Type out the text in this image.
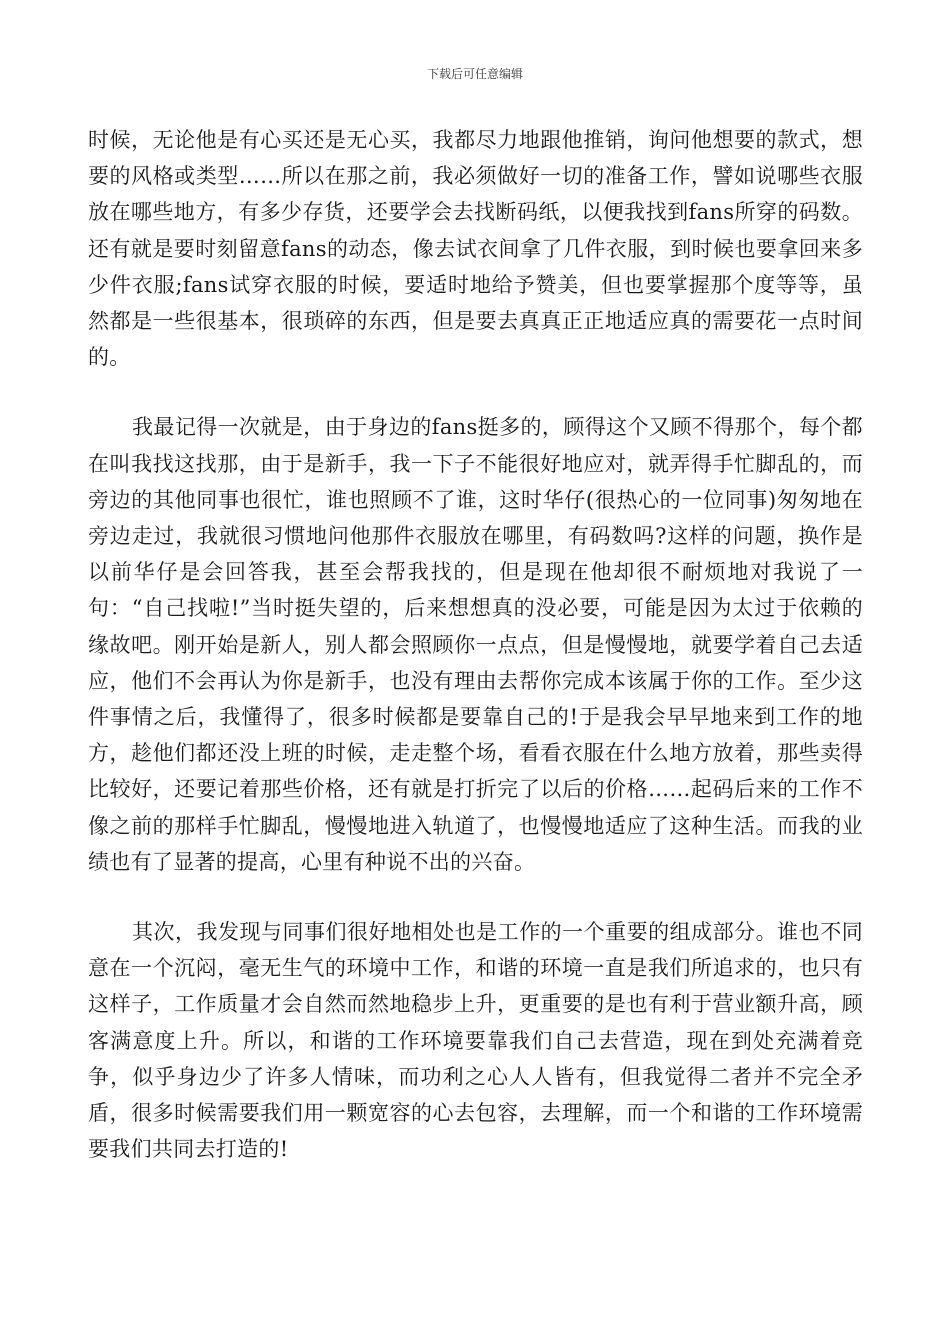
下载后可任意编辑

时候，无论他是有心买还是无心买，我都尽力地跟他推销，询问他想要的款式，想要的风格或类型……所以在那之前，我必须做好一切的准备工作，譬如说哪些衣服放在哪些地方，有多少存货，还要学会去找断码纸，以便我找到fans所穿的码数。还有就是要时刻留意fans的动态，像去试衣间拿了几件衣服，到时候也要拿回来多少件衣服;fans试穿衣服的时候，要适时地给予赞美，但也要掌握那个度等等，虽然都是一些很基本，很琐碎的东西，但是要去真真正正地适应真的需要花一点时间的。

我最记得一次就是，由于身边的fans挺多的，顾得这个又顾不得那个，每个都在叫我找这找那，由于是新手，我一下子不能很好地应对，就弄得手忙脚乱的，而旁边的其他同事也很忙，谁也照顾不了谁，这时华仔(很热心的一位同事)匆匆地在旁边走过，我就很习惯地问他那件衣服放在哪里，有码数吗?这样的问题，换作是以前华仔是会回答我，甚至会帮我找的，但是现在他却很不耐烦地对我说了一句：“自己找啦!”当时挺失望的，后来想想真的没必要，可能是因为太过于依赖的缘故吧。刚开始是新人，别人都会照顾你一点点，但是慢慢地，就要学着自己去适应，他们不会再认为你是新手，也没有理由去帮你完成本该属于你的工作。至少这件事情之后，我懂得了，很多时候都是要靠自己的!于是我会早早地来到工作的地方，趁他们都还没上班的时候，走走整个场，看看衣服在什么地方放着，那些卖得比较好，还要记着那些价格，还有就是打折完了以后的价格……起码后来的工作不像之前的那样手忙脚乱，慢慢地进入轨道了，也慢慢地适应了这种生活。而我的业绩也有了显著的提高，心里有种说不出的兴奋。

其次，我发现与同事们很好地相处也是工作的一个重要的组成部分。谁也不同意在一个沉闷，毫无生气的环境中工作，和谐的环境一直是我们所追求的，也只有这样子，工作质量才会自然而然地稳步上升，更重要的是也有利于营业额升高，顾客满意度上升。所以，和谐的工作环境要靠我们自己去营造，现在到处充满着竞争，似乎身边少了许多人情味，而功利之心人人皆有，但我觉得二者并不完全矛盾，很多时候需要我们用一颗宽容的心去包容，去理解，而一个和谐的工作环境需要我们共同去打造的!
